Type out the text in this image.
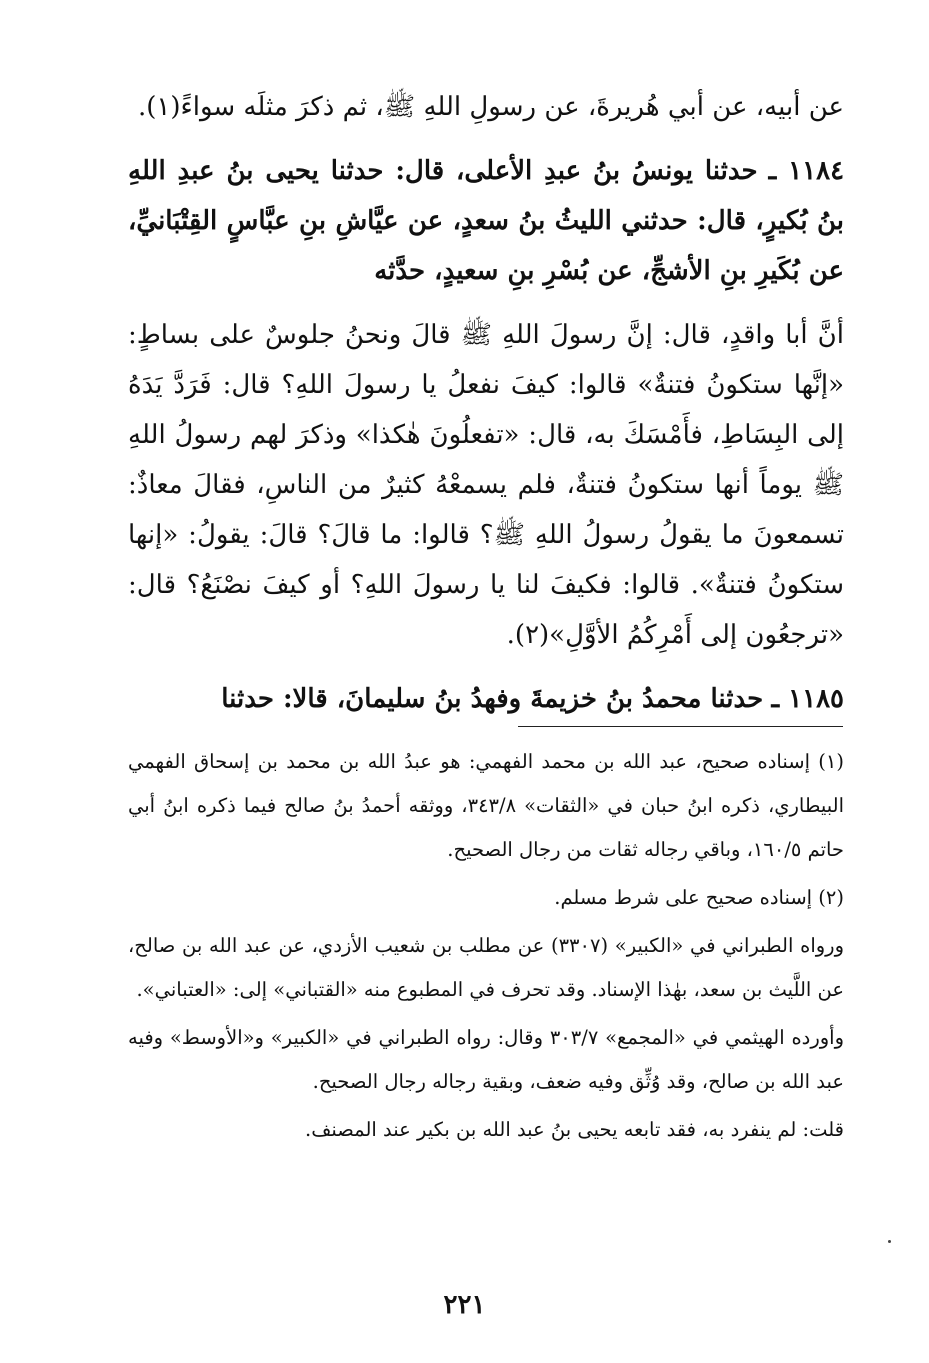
عن أبيه، عن أبي هُريرةَ، عن رسولِ اللهِ ﷺ، ثم ذكرَ مثلَه سواءً(١).

١١٨٤ ـ حدثنا يونسُ بنُ عبدِ الأعلى، قال: حدثنا يحيى بنُ عبدِ اللهِ بنُ بُكيرٍ، قال: حدثني الليثُ بنُ سعدٍ، عن عيَّاشِ بنِ عبَّاسٍ القِتْبَانيِّ، عن بُكَيرِ بنِ الأشجِّ، عن بُسْرِ بنِ سعيدٍ، حدَّثه

أنَّ أبا واقدٍ، قال: إنَّ رسولَ اللهِ ﷺ قالَ ونحنُ جلوسٌ على بساطٍ: «إنَّها ستكونُ فتنةٌ» قالوا: كيفَ نفعلُ يا رسولَ اللهِ؟ قال: فَرَدَّ يَدَهُ إلى البِسَاطِ، فأَمْسَكَ به، قال: «تفعلُونَ هٰكذا» وذكرَ لهم رسولُ اللهِ ﷺ يوماً أنها ستكونُ فتنةٌ، فلم يسمعْهُ كثيرٌ من الناسِ، فقالَ معاذٌ: تسمعونَ ما يقولُ رسولُ اللهِ ﷺ؟ قالوا: ما قالَ؟ قالَ: يقولُ: «إنها ستكونُ فتنةٌ». قالوا: فكيفَ لنا يا رسولَ اللهِ؟ أو كيفَ نصْنَعُ؟ قال: «ترجعُون إلى أَمْرِكُمُ الأوَّلِ»(٢).

١١٨٥ ـ حدثنا محمدُ بنُ خزيمةَ وفهدُ بنُ سليمانَ، قالا: حدثنا

(١) إسناده صحيح، عبد الله بن محمد الفهمي: هو عبدُ الله بن محمد بن إسحاق الفهمي البيطاري، ذكره ابنُ حبان في «الثقات» ٣٤٣/٨، ووثقه أحمدُ بنُ صالح فيما ذكره ابنُ أبي حاتم ١٦٠/٥، وباقي رجاله ثقات من رجال الصحيح.

(٢) إسناده صحيح على شرط مسلم.

ورواه الطبراني في «الكبير» (٣٣٠٧) عن مطلب بن شعيب الأزدي، عن عبد الله بن صالح، عن اللَّيث بن سعد، بهٰذا الإسناد. وقد تحرف في المطبوع منه «القتباني» إلى: «العتباني».

وأورده الهيثمي في «المجمع» ٣٠٣/٧ وقال: رواه الطبراني في «الكبير» و«الأوسط» وفيه عبد الله بن صالح، وقد وُثِّق وفيه ضعف، وبقية رجاله رجال الصحيح.

قلت: لم ينفرد به، فقد تابعه يحيى بنُ عبد الله بن بكير عند المصنف.

٢٢١
